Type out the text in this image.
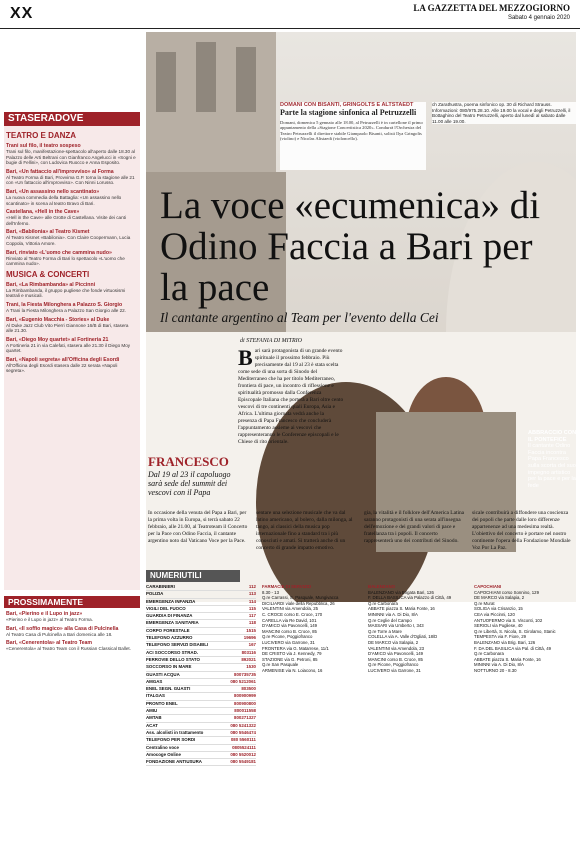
XX	LA GAZZETTA DEL MEZZOGIORNO
Sabato 4 gennaio 2020

DOMANI CON BISANTI, GRINGOLTS E ALTSTAEDT

Parte la stagione sinfonica al Petruzzelli

Domani, domenica 5 gennaio alle 18.00, al Petruzzelli è in cartellone il primo appuntamento della «Stagione Concertistica 2020». Condurrà l'Orchestra del Teatro Petruzzelli il direttore stabile Giampaolo Bisanti, solisti Ilya Gringolts (violino) e Nicolas Altstaedt (violoncello).
ch Zarathustra, poema sinfonico op. 30 di Richard Strauss. Informazioni: 080/975.28.10. Alle 19.00 la vocal e degli Petruzzelli, il Bottaghino del Teatro Petruzzelli, aperto dal lunedì al sabato dalle 11.00 alle 19.00.
La voce «ecumenica» di Odino Faccia a Bari per la pace
Il cantante argentino al Team per l'evento della Cei
di STEFANIA DI MITRIO
Bari sarà protagonista di un grande evento spirituale il prossimo febbraio. Più precisamente dal 19 al 23 è stata scelta come sede di una sorta di Sinodo del Mediterraneo che ha per titolo Mediterraneo, frontiera di pace, un incontro di riflessione e spiritualità promosso dalla Conferenza Episcopale Italiana che porterà a Bari oltre cento vescovi di tre continenti quali Europa, Asia e Africa. L'ultima giornata vedrà anche la presenza di Papa Francesco che concluderà l'appuntamento assieme ai vescovi che rappresenteranno le Conferenze episcopali e le Chiese di rito orientale.
FRANCESCO
Dal 19 al 23 il capoluogo sarà sede del summit dei vescovi con il Papa
ABBRACCIO CON IL PONTEFICE
Il cantante Odino Faccia incontra Papa Francesco sulla scorta del suo impegno artistico per la pace e per la fede
In occasione della venuta del Papa a Bari, per la prima volta in Europa, si terrà sabato 22 febbraio, alle 21.00, al Teatroteam il Concerto per la Pace con Odino Faccia, il cantante argentino noto dal Vaticano Voce per la Pace.
sentare una selezione musicale che va dal latino americano, al bolero, dalla milonga, al tango, ai classici della musica pop internazionale fino a standard tra i più conosciuti e amati. Si tratterà anche di un concerto di grande impatto emotivo.
gia, la vitalità e il folklore dell'America Latina saranno protagonisti di una serata all'insegna dell'emozione e dei grandi valori di pace e fratellanza tra i popoli. Il concerto rappresenterà uno dei contributi del Sinodo.
sicale contribuirà a diffondere una coscienza dei popoli che parte dalle loro differenze appartenenze ad una medesima realtà. L'obiettivo del concerto è portare nel nostro continente l'opera della Fondazione Mondiale Voz Por La Paz.
STASERADOVE
TEATRO E DANZA
Trani sul filo, il teatro sospeso
Trani sul filo, manifestazione-spettacolo all'aperto dalle 18.30 al Palazzo delle Arti Beltrani con Gianfranco Angelucci in «Sogni e bugie di Fellini», con Ludovica Ruocco e Anna Esposito.
Bari, «Un fattaccio all'improvviso» al Forma
Al Teatro Forma di Bari, Provvima G.P. torna la stagione alle 21 con «Un fattaccio all'improvviso». Con Ninni Lorusso.
Bari, «Un assassino nello scantinato»
La nuova commedia della Battaglia: «Un assassino nello scantinato» in scena al teatro Bravo di Bari.
Castellana, «Hell in the Cave»
«Hell in the Cave» alle Grotte di Castellana. Visite dei canti dell'Inferno.
Bari, «Babilonia» al Teatro Kismet
Al Teatro Kismet «Babilonia». Con Claire Coopermann, Lucia Coppola, Vittoria Amore.
Bari, rinviato «L'uomo che cammina nudo»
Rinviato al Teatro Forma di Bari lo spettacolo «L'uomo che cammina nudo».
MUSICA & CONCERTI
Bari, «La Rimbambanda» al Piccinni
La Rimbambanda, il gruppo pugliese che fonde virtuosismi teatrali e musicali.
Trani, la Fiesta Milonghera a Palazzo S. Giorgio
A Trani la Fiesta Milonghera a Palazzo San Giorgio alle 22.
Bari, «Eugenio Macchia - Stories» al Duke
Al Duke Jazz Club Vito Pierri Giannone 16/B di Bari, stasera alle 21.30.
Bari, «Diego Moy quartet» al Fortineria 21
A Fortineria 21 in via Calefati, stasera alle 21.30 il Diego Moy quartet.
Bari, «Napoli segreta» all'Officina degli Esordi
All'Officina degli Esordi stasera dalle 22 serata «Napoli segreta».
PROSSIMAMENTE
Bari, «Pierino e il Lupo in jazz»
«Pierino e il Lupo in jazz» al Teatro Forma.
Bari, «Il soffio magico» alla Casa di Pulcinella
Al Teatro Casa di Pulcinella a Bari domenica alle 18.
Bari, «Cenerentola» al Teatro Team
«Cenerentola» al Teatro Team con il Russian Classical Ballet.
NUMERIUTILI
CARABINIERI	112
POLIZIA	113
EMERGENZA INFANZIA	114
VIGILI DEL FUOCO	115
GUARDIA DI FINANZA	117
EMERGENZA SANITARIA	118
CORPO FORESTALE	1515
TELEFONO AZZURRO	19696
TELEFONO SERVIZI DISABILI	167
ACI SOCCORSO STRAD.	803116
FERROVIE DELLO STATO	892021
SOCCORSO IN MARE	1530
GUASTI ACQUA	800735735
AMGAS	080 5212061
ENEL SEGN. GUASTI	803500
ITALGAS	800900999
PRONTO ENEL	800900800
AMIU	800011558
AMTAB	800271327
ACAT	080 5241322
Ass. alcolisti in trattamento	080 5546474
TELEFONO PER SORDI	080 5560111
Centralino voce	0805524111
Amocoge Online	080 5520012
FONDAZIONE ANTIUSURA	080 5549181
FARMACIE DI SERVIZIO
8.30 - 13
Q.re Carrassi, S. Pasquale, Mungivacca
DICILIARDI viale della Repubblica, 26
VALENTINI via Amendola, 25
C. CROCE corso E. Croce, 170
CARELLA via Re David, 101
D'AMICO via Pavoncelli, 149
MANCINI corso B. Croce, 85
Q.re Picone, Poggiofranco
LUCIVERO via Garrone, 31
FRONTERA via G. Matarrese, 11/1
DE CRISTO via J. Kennedy, 79
STAZIONE via G. Petroni, 85
Q.re San Pasquale
ARMENISE via N. Loiacono, 16
BALENZANO
BALENZANO via Brigata Bari, 126
F. DELLA BASILICA via Palazzo di Città, 49
Q.re Carbonara
ABBATE piazza S. Maria Fonte, 16
MININNI via A. Di Dio, 8/A
Q.re Ceglie del Campo
MASSARI via Umberto I, 343
Q.re Torre a Mare
COLELLA via A. Valle d'Ogliati, 18/D
DE MARCO via Salapia, 2
VALENTINI via Amendola, 23
D'AMICO via Pavoncelli, 149
MANCINI corso B. Croce, 85
Q.re Picone, Poggiofranco
LUCIVERO via Garrone, 31
CAPOCHIANI
CAPOCHIANI corso Sonnino, 129
DE MARCO via Salapia, 2
Q.re Murat
SOLIGA via Crisanzio, 15
CEA via Piccinni, 120
ANTUOFERMO via S. Visconti, 102
SERIOLI via Pugliese, 40
Q.re Libertà, S. Nicola, S. Girolamo, Stanic
TEMPESTA via F. Fiore, 29
BALENZANO via Brig. Bari, 126
F. DA DEL BASILICA via Pal. di Città, 49
Q.re Carbonara
ABBATE piazza S. Maria Fonte, 16
MININNI via A. Di Dio, 8/A
NOTTURNO 20 - 8.30
